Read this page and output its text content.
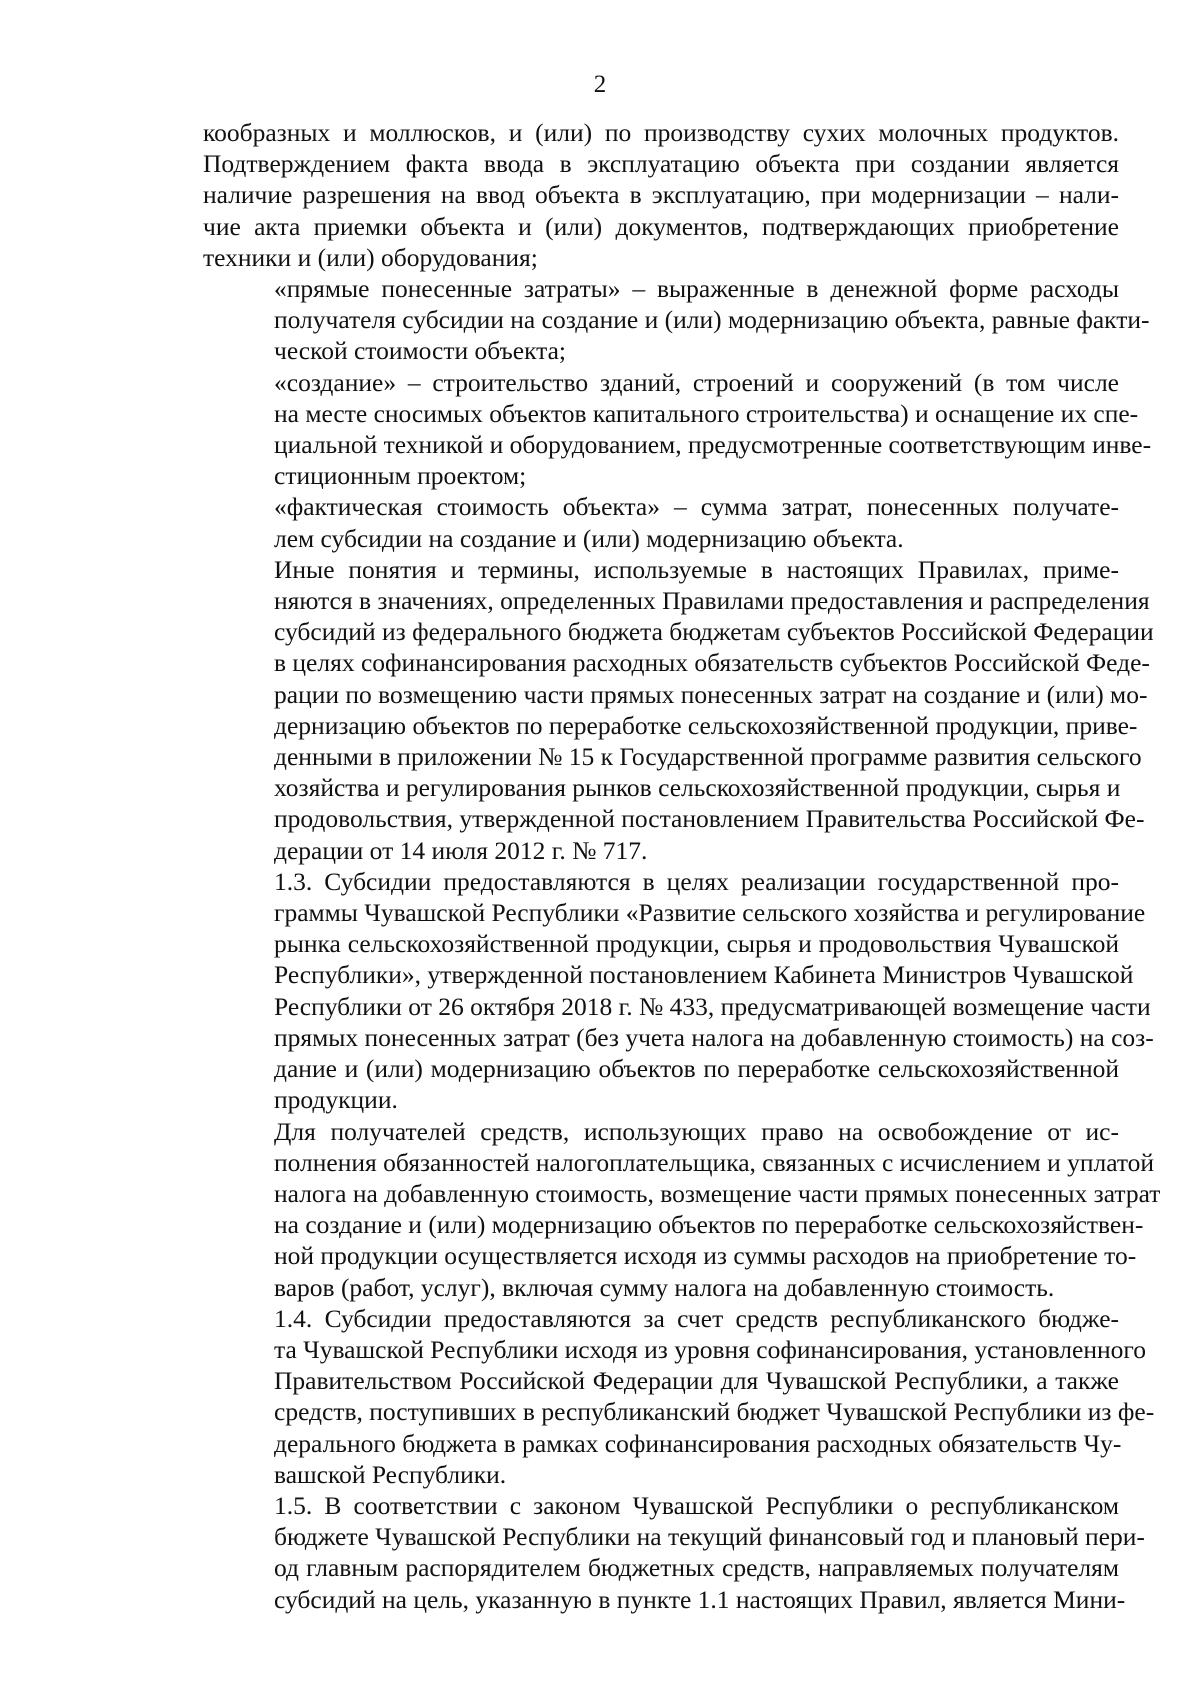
2
кообразных и моллюсков, и (или) по производству сухих молочных продуктов.
Подтверждением факта ввода в эксплуатацию объекта при создании является
наличие разрешения на ввод объекта в эксплуатацию, при модернизации – нали-
чие акта приемки объекта и (или) документов, подтверждающих приобретение
техники и (или) оборудования;
«прямые понесенные затраты» – выраженные в денежной форме расходы
получателя субсидии на создание и (или) модернизацию объекта, равные факти-
ческой стоимости объекта;
«создание» – строительство зданий, строений и сооружений (в том числе
на месте сносимых объектов капитального строительства) и оснащение их спе-
циальной техникой и оборудованием, предусмотренные соответствующим инве-
стиционным проектом;
«фактическая стоимость объекта» – сумма затрат, понесенных получате-
лем субсидии на создание и (или) модернизацию объекта.
Иные понятия и термины, используемые в настоящих Правилах, приме-
няются в значениях, определенных Правилами предоставления и распределения
субсидий из федерального бюджета бюджетам субъектов Российской Федерации
в целях софинансирования расходных обязательств субъектов Российской Феде-
рации по возмещению части прямых понесенных затрат на создание и (или) мо-
дернизацию объектов по переработке сельскохозяйственной продукции, приве-
денными в приложении № 15 к Государственной программе развития сельского
хозяйства и регулирования рынков сельскохозяйственной продукции, сырья и
продовольствия, утвержденной постановлением Правительства Российской Фе-
дерации от 14 июля 2012 г. № 717.
1.3. Субсидии предоставляются в целях реализации государственной про-
граммы Чувашской Республики «Развитие сельского хозяйства и регулирование
рынка сельскохозяйственной продукции, сырья и продовольствия Чувашской
Республики», утвержденной постановлением Кабинета Министров Чувашской
Республики от 26 октября 2018 г. № 433, предусматривающей возмещение части
прямых понесенных затрат (без учета налога на добавленную стоимость) на соз-
дание и (или) модернизацию объектов по переработке сельскохозяйственной
продукции.
Для получателей средств, использующих право на освобождение от ис-
полнения обязанностей налогоплательщика, связанных с исчислением и уплатой
налога на добавленную стоимость, возмещение части прямых понесенных затрат
на создание и (или) модернизацию объектов по переработке сельскохозяйствен-
ной продукции осуществляется исходя из суммы расходов на приобретение то-
варов (работ, услуг), включая сумму налога на добавленную стоимость.
1.4. Субсидии предоставляются за счет средств республиканского бюдже-
та Чувашской Республики исходя из уровня софинансирования, установленного
Правительством Российской Федерации для Чувашской Республики, а также
средств, поступивших в республиканский бюджет Чувашской Республики из фе-
дерального бюджета в рамках софинансирования расходных обязательств Чу-
вашской Республики.
1.5. В соответствии с законом Чувашской Республики о республиканском
бюджете Чувашской Республики на текущий финансовый год и плановый пери-
од главным распорядителем бюджетных средств, направляемых получателям
субсидий на цель, указанную в пункте 1.1 настоящих Правил, является Мини-
